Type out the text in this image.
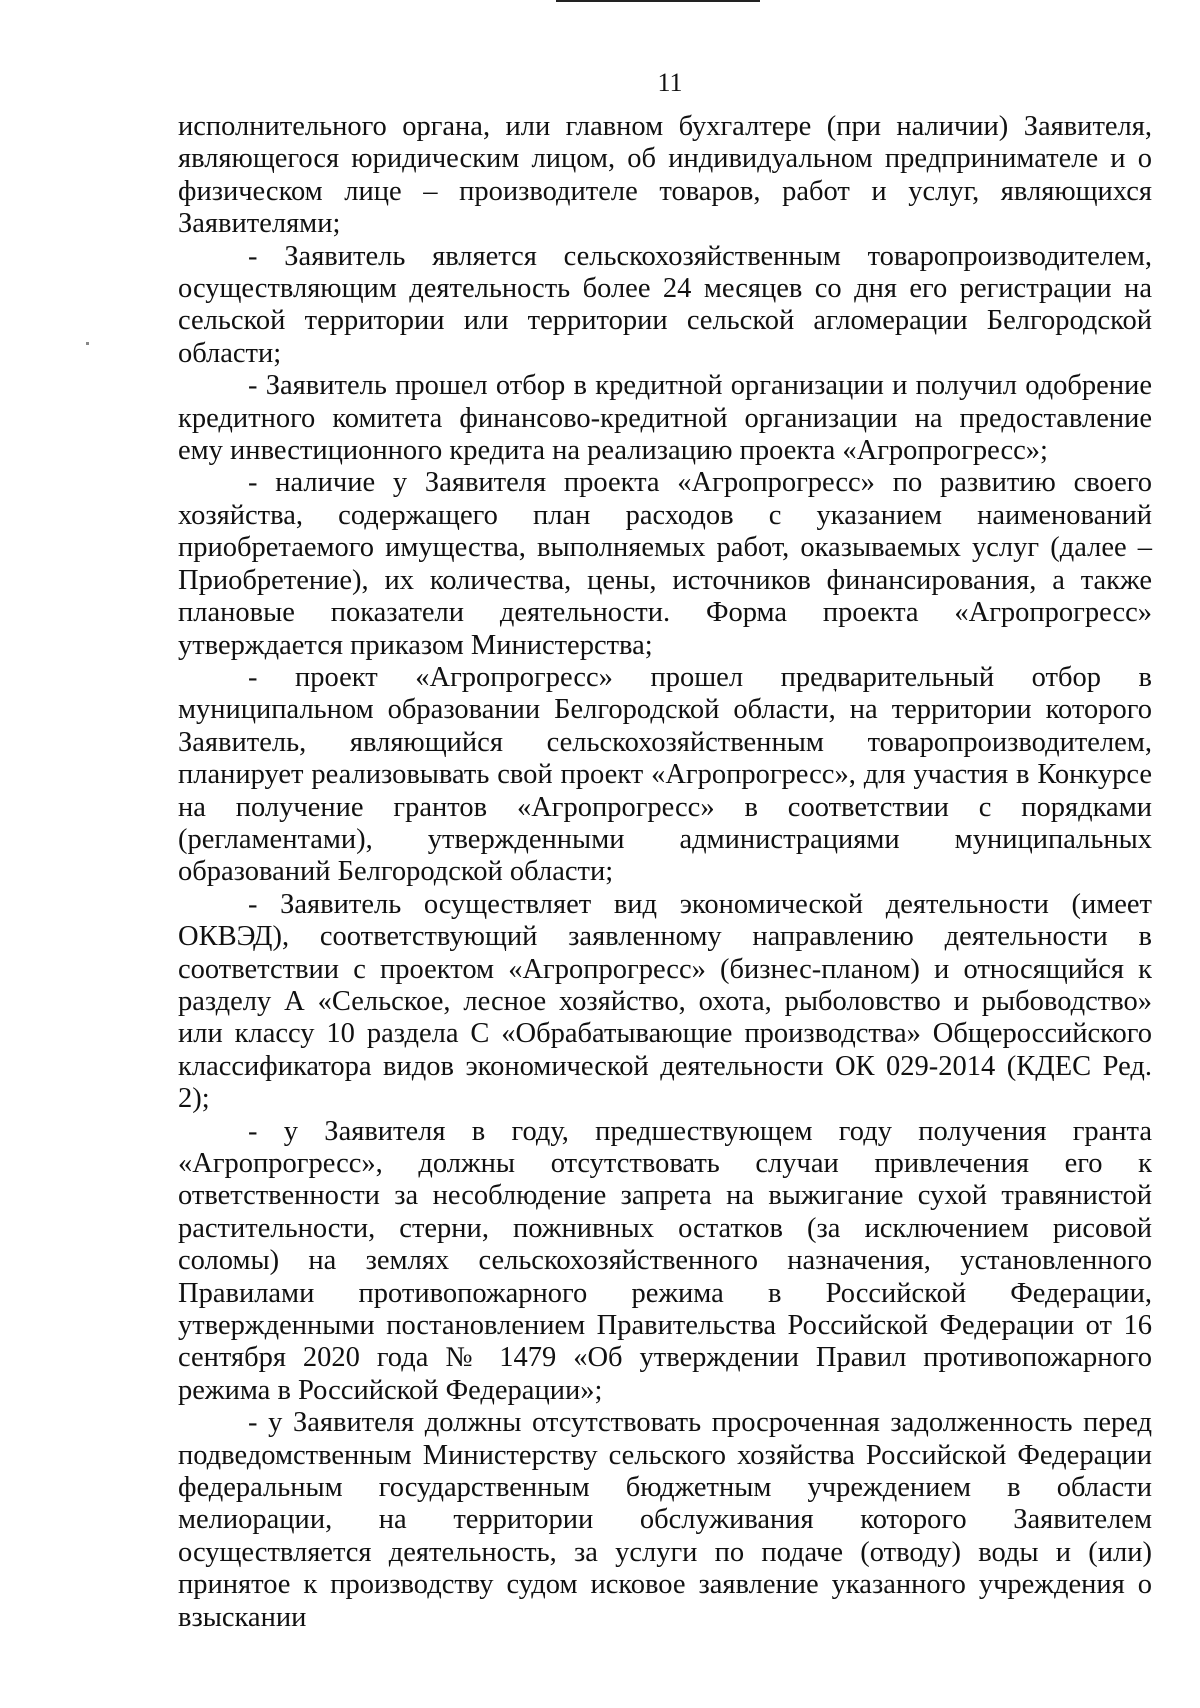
11

исполнительного органа, или главном бухгалтере (при наличии) Заявителя, являющегося юридическим лицом, об индивидуальном предпринимателе и о физическом лице – производителе товаров, работ и услуг, являющихся Заявителями;

- Заявитель является сельскохозяйственным товаропроизводителем, осуществляющим деятельность более 24 месяцев со дня его регистрации на сельской территории или территории сельской агломерации Белгородской области;

- Заявитель прошел отбор в кредитной организации и получил одобрение кредитного комитета финансово-кредитной организации на предоставление ему инвестиционного кредита на реализацию проекта «Агропрогресс»;

- наличие у Заявителя проекта «Агропрогресс» по развитию своего хозяйства, содержащего план расходов с указанием наименований приобретаемого имущества, выполняемых работ, оказываемых услуг (далее – Приобретение), их количества, цены, источников финансирования, а также плановые показатели деятельности. Форма проекта «Агропрогресс» утверждается приказом Министерства;

- проект «Агропрогресс» прошел предварительный отбор в муниципальном образовании Белгородской области, на территории которого Заявитель, являющийся сельскохозяйственным товаропроизводителем, планирует реализовывать свой проект «Агропрогресс», для участия в Конкурсе на получение грантов «Агропрогресс» в соответствии с порядками (регламентами), утвержденными администрациями муниципальных образований Белгородской области;

- Заявитель осуществляет вид экономической деятельности (имеет ОКВЭД), соответствующий заявленному направлению деятельности в соответствии с проектом «Агропрогресс» (бизнес-планом) и относящийся к разделу А «Сельское, лесное хозяйство, охота, рыболовство и рыбоводство» или классу 10 раздела С «Обрабатывающие производства» Общероссийского классификатора видов экономической деятельности ОК 029-2014 (КДЕС Ред. 2);

- у Заявителя в году, предшествующем году получения гранта «Агропрогресс», должны отсутствовать случаи привлечения его к ответственности за несоблюдение запрета на выжигание сухой травянистой растительности, стерни, пожнивных остатков (за исключением рисовой соломы) на землях сельскохозяйственного назначения, установленного Правилами противопожарного режима в Российской Федерации, утвержденными постановлением Правительства Российской Федерации от 16 сентября 2020 года № 1479 «Об утверждении Правил противопожарного режима в Российской Федерации»;

- у Заявителя должны отсутствовать просроченная задолженность перед подведомственным Министерству сельского хозяйства Российской Федерации федеральным государственным бюджетным учреждением в области мелиорации, на территории обслуживания которого Заявителем осуществляется деятельность, за услуги по подаче (отводу) воды и (или) принятое к производству судом исковое заявление указанного учреждения о взыскании
